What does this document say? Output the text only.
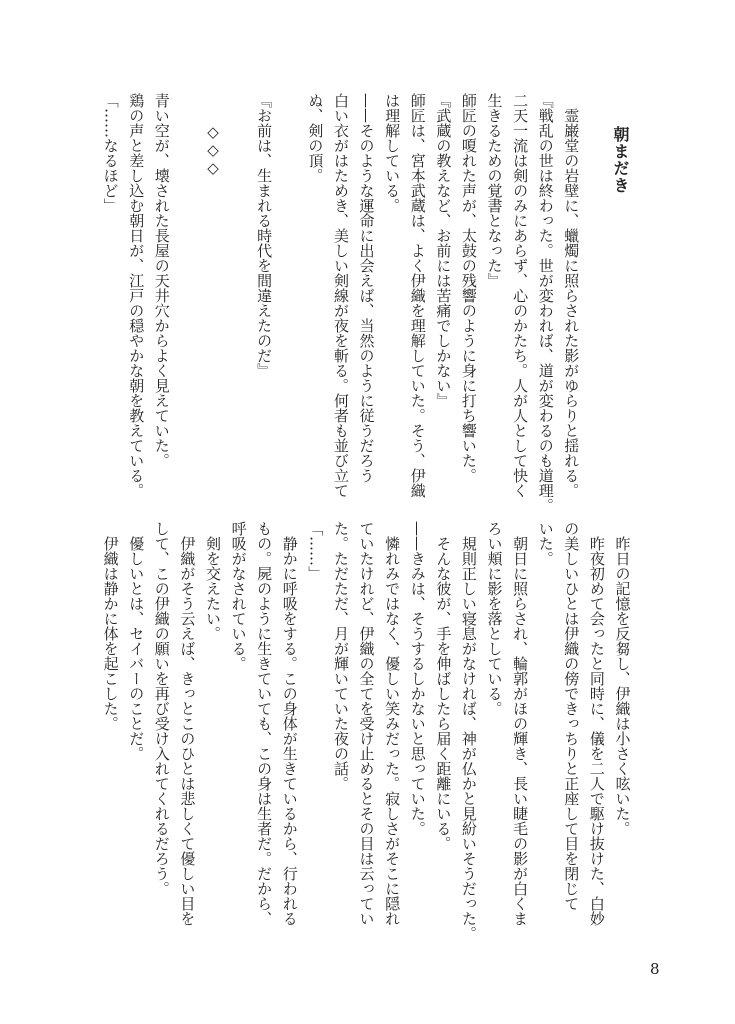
朝まだき
　霊巌堂の岩壁に、蠟燭に照らされた影がゆらりと揺れる。
『戦乱の世は終わった。世が変われば、道が変わるのも道理。
二天一流は剣のみにあらず、心のかたち。人が人として快く
生きるための覚書となった』
師匠の嗄れた声が、太鼓の残響のように身に打ち響いた。
『武蔵の教えなど、お前には苦痛でしかない』
師匠は、宮本武蔵は、よく伊織を理解していた。そう、伊織
は理解している。
——そのような運命に出会えば、当然のように従うだろう
白い衣がはためき、美しい剣線が夜を斬る。何者も並び立て
ぬ、剣の頂。
『お前は、生まれる時代を間違えたのだ』
　　◇◇◇
青い空が、壊された長屋の天井穴からよく見えていた。
鶏の声と差し込む朝日が、江戸の穏やかな朝を教えている。
「……なるほど」
　昨日の記憶を反芻し、伊織は小さく呟いた。
　昨夜初めて会ったと同時に、儀を二人で駆け抜けた、白妙
の美しいひとは伊織の傍できっちりと正座して目を閉じて
いた。
　朝日に照らされ、輪郭がほの輝き、長い睫毛の影が白くま
ろい頬に影を落としている。
　規則正しい寝息がなければ、神が仏かと見紛いそうだった。
　そんな彼が、手を伸ばしたら届く距離にいる。
——きみは、そうするしかないと思っていた。
　憐れみではなく、優しい笑みだった。寂しさがそこに隠れ
ていたけれど、伊織の全てを受け止めるとその目は云ってい
た。ただただ、月が輝いていた夜の話。
「……」
　静かに呼吸をする。この身体が生きているから、行われる
もの。屍のように生きていても、この身は生者だ。だから、
呼吸がなされている。
　剣を交えたい。
　伊織がそう云えば、きっとこのひとは悲しくて優しい目を
して、この伊織の願いを再び受け入れてくれるだろう。
　優しいとは、セイバーのことだ。
　伊織は静かに体を起こした。
8
